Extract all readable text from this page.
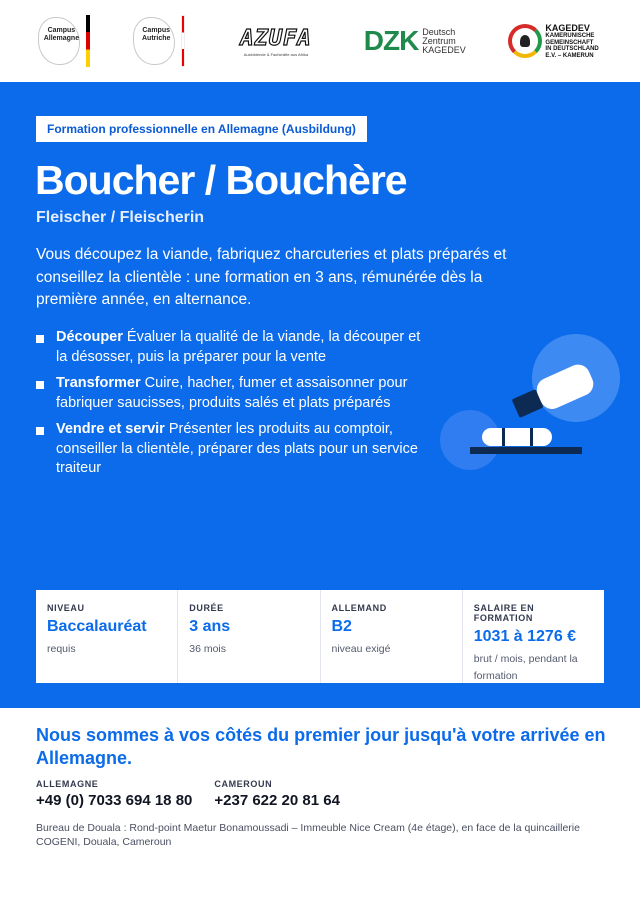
Campus
Allemagne
Campus
Autriche	AZUFA
Ausbildende & Fachkräfte aus Afrika DZK Deutsch
Zentrum
KAGEDEV
KAGEDEV
KAMERUNISCHE
GEMEINSCHAFT
IN DEUTSCHLAND
E.V. – KAMERUN
Formation professionnelle en Allemagne (Ausbildung)
Boucher / Bouchère
Fleischer / Fleischerin

Vous découpez la viande, fabriquez charcuteries et plats préparés et conseillez la clientèle : une formation en 3 ans, rémunérée dès la première année, en alternance.

Découper Évaluer la qualité de la viande, la découper et la désosser, puis la préparer pour la vente
Transformer Cuire, hacher, fumer et assaisonner pour fabriquer saucisses, produits salés et plats préparés
Vendre et servir Présenter les produits au comptoir, conseiller la clientèle, préparer des plats pour un service traiteur
NIVEAU
Baccalauréat
requis
DURÉE
3 ans
36 mois
ALLEMAND
B2
niveau exigé
SALAIRE EN FORMATION
1031 à 1276 €
brut / mois, pendant la formation
Nous sommes à vos côtés du premier jour jusqu'à votre arrivée en Allemagne.
ALLEMAGNE
+49 (0) 7033 694 18 80
CAMEROUN
+237 622 20 81 64

Bureau de Douala : Rond-point Maetur Bonamoussadi – Immeuble Nice Cream (4e étage), en face de la quincaillerie COGENI, Douala, Cameroun
